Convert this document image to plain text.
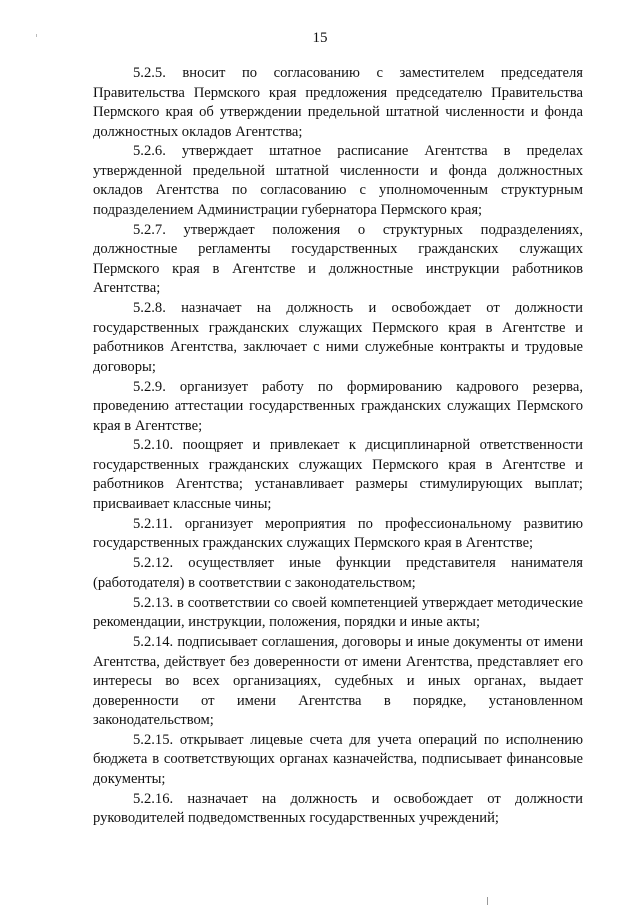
15

5.2.5. вносит по согласованию с заместителем председателя Правительства Пермского края предложения председателю Правительства Пермского края об утверждении предельной штатной численности и фонда должностных окладов Агентства;

5.2.6. утверждает штатное расписание Агентства в пределах утвержденной предельной штатной численности и фонда должностных окладов Агентства по согласованию с уполномоченным структурным подразделением Администрации губернатора Пермского края;

5.2.7. утверждает положения о структурных подразделениях, должностные регламенты государственных гражданских служащих Пермского края в Агентстве и должностные инструкции работников Агентства;

5.2.8. назначает на должность и освобождает от должности государственных гражданских служащих Пермского края в Агентстве и работников Агентства, заключает с ними служебные контракты и трудовые договоры;

5.2.9. организует работу по формированию кадрового резерва, проведению аттестации государственных гражданских служащих Пермского края в Агентстве;

5.2.10. поощряет и привлекает к дисциплинарной ответственности государственных гражданских служащих Пермского края в Агентстве и работников Агентства; устанавливает размеры стимулирующих выплат; присваивает классные чины;

5.2.11. организует мероприятия по профессиональному развитию государственных гражданских служащих Пермского края в Агентстве;

5.2.12. осуществляет иные функции представителя нанимателя (работодателя) в соответствии с законодательством;

5.2.13. в соответствии со своей компетенцией утверждает методические рекомендации, инструкции, положения, порядки и иные акты;

5.2.14. подписывает соглашения, договоры и иные документы от имени Агентства, действует без доверенности от имени Агентства, представляет его интересы во всех организациях, судебных и иных органах, выдает доверенности от имени Агентства в порядке, установленном законодательством;

5.2.15. открывает лицевые счета для учета операций по исполнению бюджета в соответствующих органах казначейства, подписывает финансовые документы;

5.2.16. назначает на должность и освобождает от должности руководителей подведомственных государственных учреждений;
